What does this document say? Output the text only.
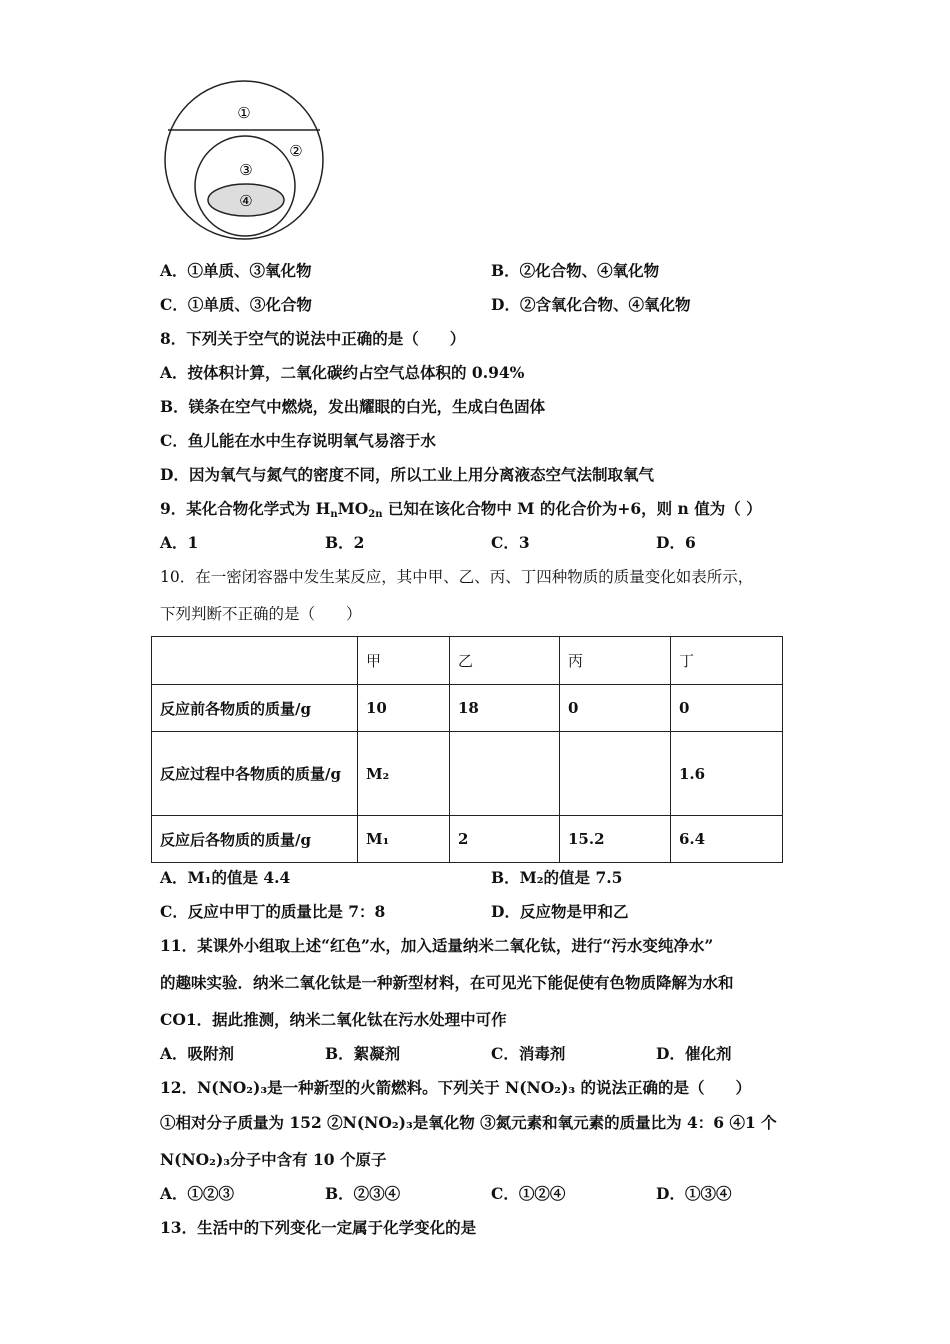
①
②
③
④
A．①单质、③氧化物	B．②化合物、④氧化物
C．①单质、③化合物	D．②含氧化合物、④氧化物
8．下列关于空气的说法中正确的是（　　）
A．按体积计算，二氧化碳约占空气总体积的 0.94%
B．镁条在空气中燃烧，发出耀眼的白光，生成白色固体
C．鱼儿能在水中生存说明氧气易溶于水
D．因为氧气与氮气的密度不同，所以工业上用分离液态空气法制取氧气
9．某化合物化学式为 $H_nMO_{2n}$ 已知在该化合物中 M 的化合价为+6，则 n 值为（ ）
A．1	B．2	C．3	D．6
10．在一密闭容器中发生某反应，其中甲、乙、丙、丁四种物质的质量变化如表所示，
下列判断不正确的是（　　）
	甲	乙	丙	丁
反应前各物质的质量/g	10	18	0	0
反应过程中各物质的质量/g	M₂			1.6
反应后各物质的质量/g	M₁	2	15.2	6.4
A．M₁的值是 4.4	B．M₂的值是 7.5
C．反应中甲丁的质量比是 7：8	D．反应物是甲和乙
11．某课外小组取上述“红色”水，加入适量纳米二氧化钛，进行“污水变纯净水”
的趣味实验．纳米二氧化钛是一种新型材料，在可见光下能促使有色物质降解为水和
CO1．据此推测，纳米二氧化钛在污水处理中可作
A．吸附剂	B．絮凝剂	C．消毒剂	D．催化剂
12．N(NO₂)₃是一种新型的火箭燃料。下列关于 N(NO₂)₃ 的说法正确的是（　　）
①相对分子质量为 152 ②N(NO₂)₃是氧化物 ③氮元素和氧元素的质量比为 4：6 ④1 个
N(NO₂)₃分子中含有 10 个原子
A．①②③	B．②③④	C．①②④	D．①③④
13．生活中的下列变化一定属于化学变化的是
